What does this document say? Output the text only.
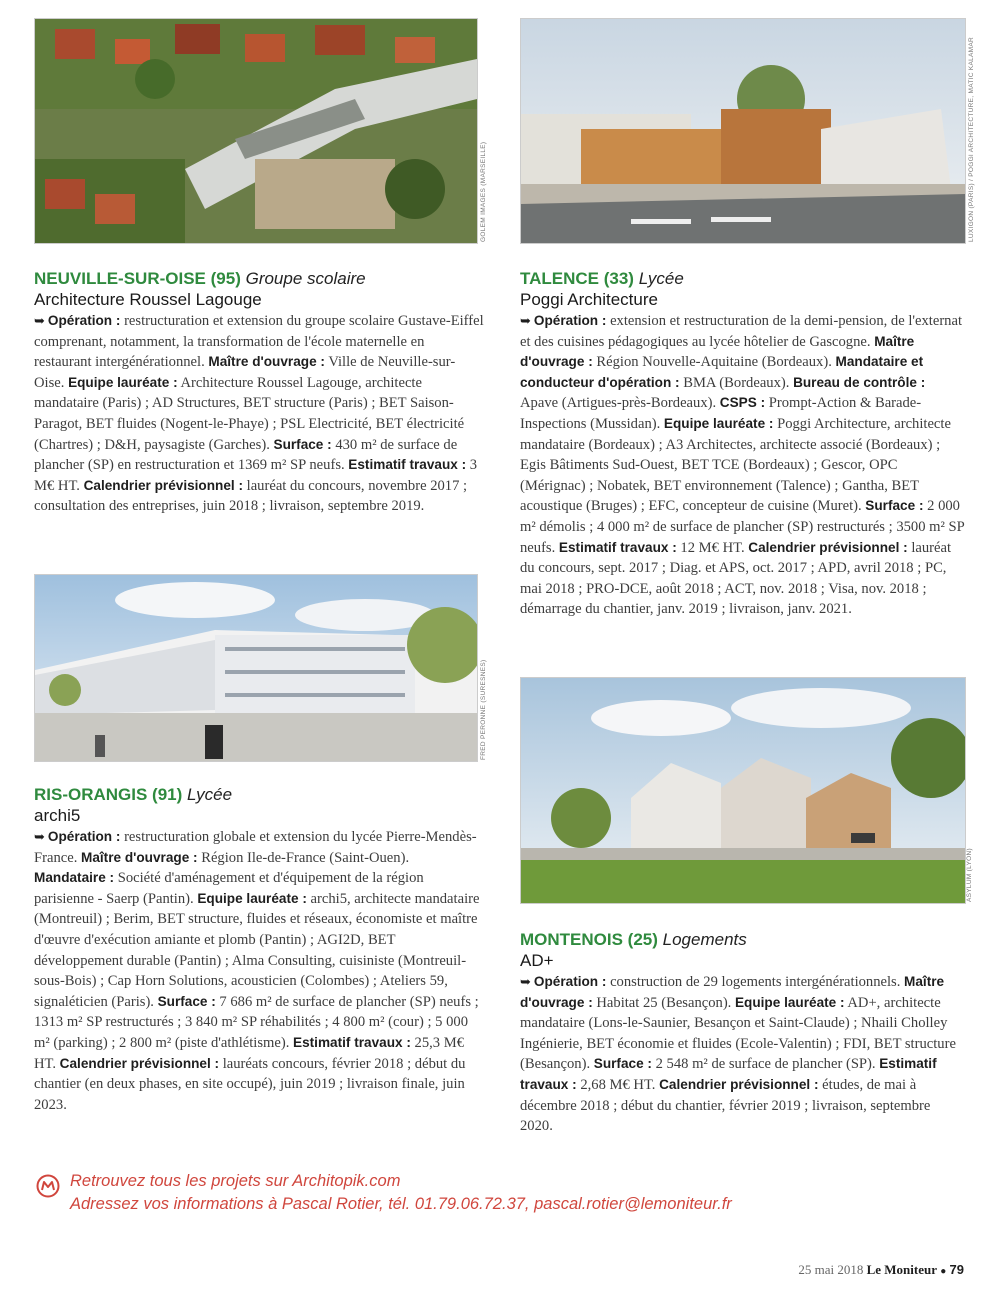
GOLEM IMAGES (MARSEILLE)	LUXIGON (PARIS) / POGGI ARCHITECTURE, MATIC KALAMAR
FRED PERONNE (SURESNES)
ASYLUM (LYON)

NEUVILLE-SUR-OISE (95) Groupe scolaire

Architecture Roussel Lagouge

➥ Opération : restructuration et extension du groupe scolaire Gustave-Eiffel comprenant, notamment, la transformation de l'école maternelle en restaurant intergénérationnel. Maître d'ouvrage : Ville de Neuville-sur-Oise. Equipe lauréate : Architecture Roussel Lagouge, architecte mandataire (Paris) ; AD Structures, BET structure (Paris) ; BET Saison-Paragot, BET fluides (Nogent-le-Phaye) ; PSL Electricité, BET électricité (Chartres) ; D&H, paysagiste (Garches). Surface : 430 m² de surface de plancher (SP) en restructuration et 1369 m² SP neufs. Estimatif travaux : 3 M€ HT. Calendrier prévisionnel : lauréat du concours, novembre 2017 ; consultation des entreprises, juin 2018 ; livraison, septembre 2019.

TALENCE (33) Lycée

Poggi Architecture

➥ Opération : extension et restructuration de la demi-pension, de l'externat et des cuisines pédagogiques au lycée hôtelier de Gascogne. Maître d'ouvrage : Région Nouvelle-Aquitaine (Bordeaux). Mandataire et conducteur d'opération : BMA (Bordeaux). Bureau de contrôle : Apave (Artigues-près-Bordeaux). CSPS : Prompt-Action & Barade-Inspections (Mussidan). Equipe lauréate : Poggi Architecture, architecte mandataire (Bordeaux) ; A3 Architectes, architecte associé (Bordeaux) ; Egis Bâtiments Sud-Ouest, BET TCE (Bordeaux) ; Gescor, OPC (Mérignac) ; Nobatek, BET environnement (Talence) ; Gantha, BET acoustique (Bruges) ; EFC, concepteur de cuisine (Muret). Surface : 2 000 m² démolis ; 4 000 m² de surface de plancher (SP) restructurés ; 3500 m² SP neufs. Estimatif travaux : 12 M€ HT. Calendrier prévisionnel : lauréat du concours, sept. 2017 ; Diag. et APS, oct. 2017 ; APD, avril 2018 ; PC, mai 2018 ; PRO-DCE, août 2018 ; ACT, nov. 2018 ; Visa, nov. 2018 ; démarrage du chantier, janv. 2019 ; livraison, janv. 2021.

RIS-ORANGIS (91) Lycée

archi5

➥ Opération : restructuration globale et extension du lycée Pierre-Mendès-France. Maître d'ouvrage : Région Ile-de-France (Saint-Ouen). Mandataire : Société d'aménagement et d'équipement de la région parisienne - Saerp (Pantin). Equipe lauréate : archi5, architecte mandataire (Montreuil) ; Berim, BET structure, fluides et réseaux, économiste et maître d'œuvre d'exécution amiante et plomb (Pantin) ; AGI2D, BET développement durable (Pantin) ; Alma Consulting, cuisiniste (Montreuil-sous-Bois) ; Cap Horn Solutions, acousticien (Colombes) ; Ateliers 59, signaléticien (Paris). Surface : 7 686 m² de surface de plancher (SP) neufs ; 1313 m² SP restructurés ; 3 840 m² SP réhabilités ; 4 800 m² (cour) ; 5 000 m² (parking) ; 2 800 m² (piste d'athlétisme). Estimatif travaux : 25,3 M€ HT. Calendrier prévisionnel : lauréats concours, février 2018 ; début du chantier (en deux phases, en site occupé), juin 2019 ; livraison finale, juin 2023.

MONTENOIS (25) Logements

AD+

➥ Opération : construction de 29 logements intergénérationnels. Maître d'ouvrage : Habitat 25 (Besançon). Equipe lauréate : AD+, architecte mandataire (Lons-le-Saunier, Besançon et Saint-Claude) ; Nhaili Cholley Ingénierie, BET économie et fluides (Ecole-Valentin) ; FDI, BET structure (Besançon). Surface : 2 548 m² de surface de plancher (SP). Estimatif travaux : 2,68 M€ HT. Calendrier prévisionnel : études, de mai à décembre 2018 ; début du chantier, février 2019 ; livraison, septembre 2020.

Retrouvez tous les projets sur Architopik.com
Adressez vos informations à Pascal Rotier, tél. 01.79.06.72.37, pascal.rotier@lemoniteur.fr
25 mai 2018 Le Moniteur ● 79
